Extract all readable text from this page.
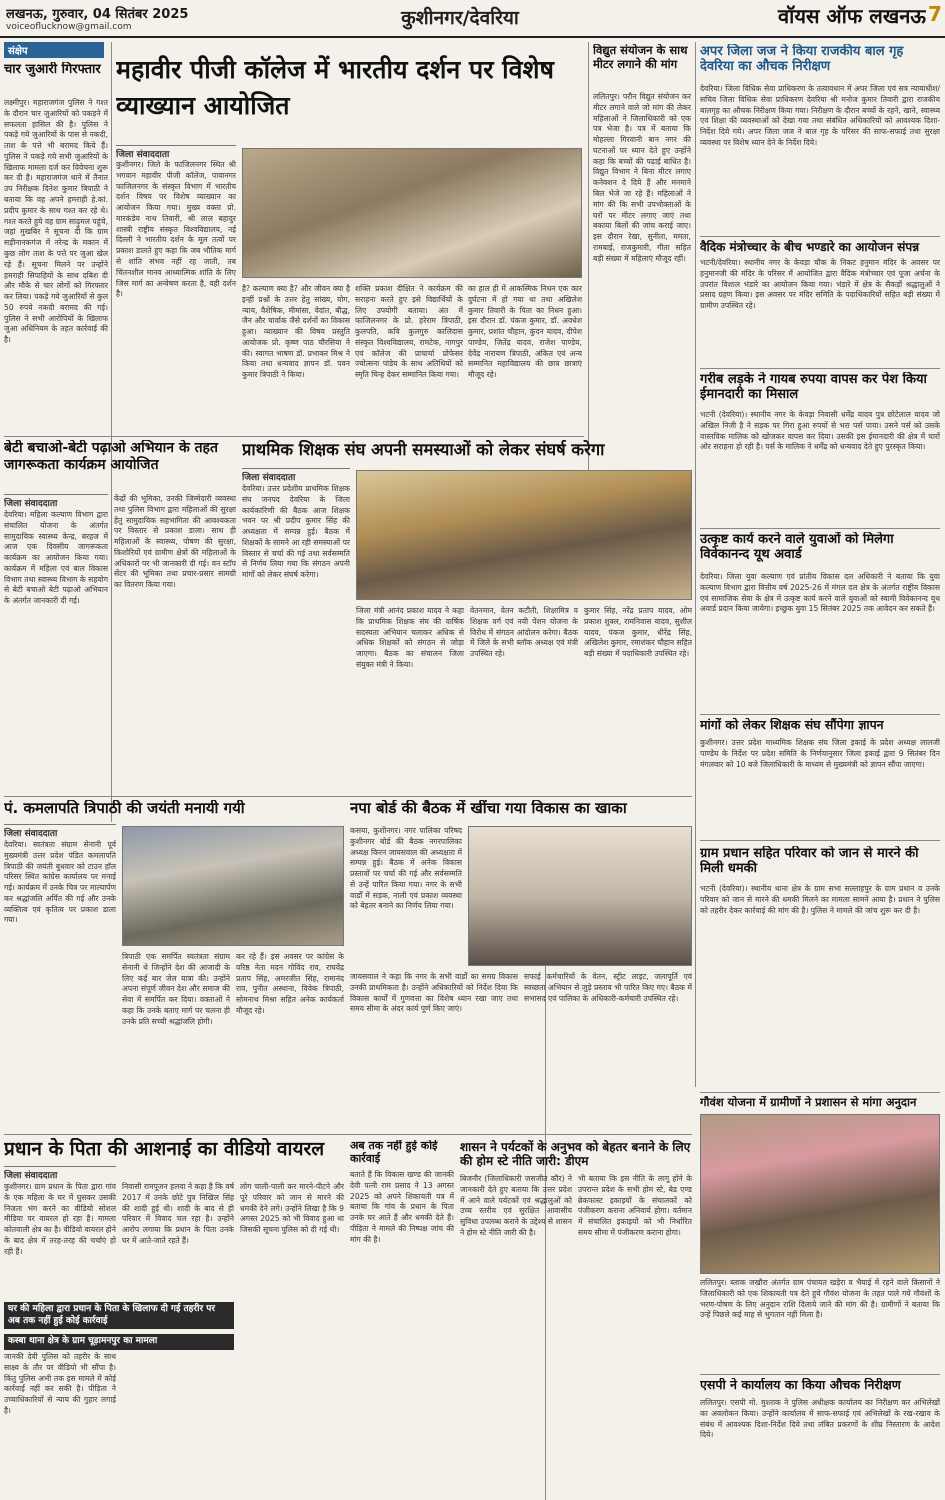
लखनऊ, गुरुवार, 04 सितंबर 2025
voiceoflucknow@gmail.com	कुशीनगर/देवरिया	वॉयस ऑफ लखनऊ 7
संक्षेप
चार जुआरी गिरफ्तार
लक्ष्मीपुर। महाराजगंज पुलिस ने गश्त के दौरान चार जुआरियों को पकड़ने में सफलता हासिल की है। पुलिस ने पकड़े गये जुआरियों के पास से नकदी, ताश के पत्ते भी बरामद किये हैं। पुलिस ने पकड़े गये सभी जुआरियों के खिलाफ मामला दर्ज कर विवेचना शुरू कर दी है। महाराजगंज थाने में तैनात उप निरीक्षक दिनेश कुमार त्रिपाठी ने बताया कि वह अपने हमराही हे.कां. प्रदीप कुमार के साथ गश्त कर रहे थे। गश्त करते हुये वह ग्राम साढ़ुमल पहुंचे, जहां मुखबिर ने सूचना दी कि ग्राम सड़ीनानकगंज में नरेन्द्र के मकान में कुछ लोग ताश के पत्ते पर जुआ खेल रहे हैं। सूचना मिलने पर उन्होंने हमराही सिपाहियों के साथ दबिश दी और मौके से चार लोगों को गिरफ्तार कर लिया। पकड़े गये जुआरियों से कुल 50 रुपये नकदी बरामद की गई। पुलिस ने सभी आरोपियों के खिलाफ जुआ अधिनियम के तहत कार्रवाई की है।
महावीर पीजी कॉलेज में भारतीय दर्शन पर विशेष व्याख्यान आयोजित
जिला संवाददाता
कुशीनगर। जिले के फाजिलनगर स्थित श्री भगवान महावीर पीजी कॉलेज, पावानगर फाजिलनगर के संस्कृत विभाग में भारतीय दर्शन विषय पर विशेष व्याख्यान का आयोजन किया गया। मुख्य वक्ता प्रो. मारकंडेय नाथ तिवारी, श्री लाल बहादुर शास्त्री राष्ट्रीय संस्कृत विश्वविद्यालय, नई दिल्ली ने भारतीय दर्शन के मूल तत्वों पर प्रकाश डालते हुए कहा कि जब भौतिक मार्ग से शांति संभव नहीं रह जाती, तब चिंतनशील मानव आध्यात्मिक शांति के लिए जिस मार्ग का अन्वेषण करता है, वही दर्शन है।
है? कल्याण क्या है? और जीवन क्या है इन्हीं प्रश्नों के उत्तर हेतु सांख्य, योग, न्याय, वैशेषिक, मीमांसा, वेदांत, बौद्ध, जैन और चार्वाक जैसे दर्शनों का विकास हुआ। व्याख्यान की विषय प्रस्तुति आयोजक प्रो. कृष्ण पाठ चौरसिया ने की। स्वागत भाषण डॉ. प्रभाकर मिश्र ने किया तथा धन्यवाद ज्ञापन डॉ. पवन कुमार त्रिपाठी ने किया।
शक्ति प्रकाश दीक्षित ने कार्यक्रम की सराहना करते हुए इसे विद्यार्थियों के लिए उपयोगी बताया। अंत में फाजिलनगर के प्रो. हरेराम त्रिपाठी, कुलपति, कवि कुलगुरु कालिदास संस्कृत विश्वविद्यालय, रामटेक, नागपुर एवं कॉलेज की प्राचार्या प्रोफेसर ज्योत्सना पांडेय के साथ अतिथियों को स्मृति चिन्ह देकर सम्मानित किया गया।
का हाल ही में आकस्मिक निधन एक कार दुर्घटना में हो गया था तथा अखिलेश कुमार तिवारी के पिता का निधन हुआ। इस दौरान डॉ. पंकज कुमार, डॉ. अवधेश कुमार, प्रशांत चौहान, कुंदन यादव, दीपेश पाण्डेय, जितेंद्र यादव, राजेश पाण्डेय, देवेंद्र नारायण त्रिपाठी, अंकित एवं अन्य सम्मानित महाविद्यालय की छात्र छात्राएं मौजूद रहे।
विद्युत संयोजन के साथ मीटर लगाने की मांग
ललितपुर। परौन विद्युत संयोजन कर मीटर लगाने वाले जो मांग की लेकर महिलाओं ने जिलाधिकारी को एक पत्र भेजा है। पत्र में बताया कि मोहल्ला गिरवानी बान नगर की घटनाओं पर ध्यान देते हुए उन्होंने कहा कि बच्चों की पढ़ाई बाधित है। विद्युत विभाग ने बिना मीटर लगाए कनेक्शन दे दिये हैं और मनमाने बिल भेजे जा रहे हैं। महिलाओं ने मांग की कि सभी उपभोक्ताओं के घरों पर मीटर लगाए जाएं तथा बकाया बिलों की जांच कराई जाए। इस दौरान रेखा, सुनीता, ममता, रामबाई, राजकुमारी, गीता सहित बड़ी संख्या में महिलाएं मौजूद रहीं।
अपर जिला जज ने किया राजकीय बाल गृह देवरिया का औचक निरीक्षण
देवरिया। जिला विधिक सेवा प्राधिकरण के तत्वावधान में अपर जिला एवं सत्र न्यायाधीश/सचिव जिला विधिक सेवा प्राधिकरण देवरिया श्री मनोज कुमार तिवारी द्वारा राजकीय बालगृह का औचक निरीक्षण किया गया। निरीक्षण के दौरान बच्चों के रहने, खाने, स्वास्थ्य एवं शिक्षा की व्यवस्थाओं को देखा गया तथा संबंधित अधिकारियों को आवश्यक दिशा-निर्देश दिये गये। अपर जिला जज ने बाल गृह के परिसर की साफ-सफाई तथा सुरक्षा व्यवस्था पर विशेष ध्यान देने के निर्देश दिये।
वैदिक मंत्रोच्चार के बीच भण्डारे का आयोजन संपन्न
भटनी/देवरिया। स्थानीय नगर के केवड़ा चौक के निकट हनुमान मंदिर के अवसर पर हनुमानजी की मंदिर के परिसर में आयोजित द्वारा वैदिक मंत्रोच्चार एवं पूजा अर्चना के उपरांत विशाल भंडारे का आयोजन किया गया। भंडारे में क्षेत्र के सैकड़ों श्रद्धालुओं ने प्रसाद ग्रहण किया। इस अवसर पर मंदिर समिति के पदाधिकारियों सहित बड़ी संख्या में ग्रामीण उपस्थित रहे।
गरीब लड़के ने गायब रुपया वापस कर पेश किया ईमानदारी का मिसाल
भटनी (देवरिया)। स्थानीय नगर के केवड़ा निवासी धर्मेंद्र यादव पुत्र छोटेलाल यादव जो अखिल निजी है ने सड़क पर गिरा हुआ रुपयों से भरा पर्स पाया। उसने पर्स को उसके वास्तविक मालिक को खोजकर वापस कर दिया। उसकी इस ईमानदारी की क्षेत्र में चारों ओर सराहना हो रही है। पर्स के मालिक ने धर्मेंद्र को धन्यवाद देते हुए पुरस्कृत किया।
उत्कृष्ट कार्य करने वाले युवाओं को मिलेगा विवेकानन्द यूथ अवार्ड
देवरिया। जिला युवा कल्याण एवं प्रांतीय विकास दल अधिकारी ने बताया कि युवा कल्याण विभाग द्वारा वित्तीय वर्ष 2025-26 में मंगल दल क्षेत्र के अंतर्गत राष्ट्रीय विकास एवं सामाजिक सेवा के क्षेत्र में उत्कृष्ट कार्य करने वाले युवाओं को स्वामी विवेकानन्द यूथ अवार्ड प्रदान किया जायेगा। इच्छुक युवा 15 सितंबर 2025 तक आवेदन कर सकते हैं।
मांगों को लेकर शिक्षक संघ सौंपेगा ज्ञापन
कुशीनगर। उत्तर प्रदेश माध्यमिक शिक्षक संघ जिला इकाई के प्रदेश अध्यक्ष लालजी पाण्डेय के निर्देश पर प्रदेश समिति के निर्णयानुसार जिला इकाई द्वारा 9 सितंबर दिन मंगलवार को 10 बजे जिलाधिकारी के माध्यम से मुख्यमंत्री को ज्ञापन सौंपा जाएगा।
ग्राम प्रधान सहित परिवार को जान से मारने की मिली धमकी
भटनी (देवरिया)। स्थानीय थाना क्षेत्र के ग्राम सभा सल्लाहपुर के ग्राम प्रधान व उनके परिवार को जान से मारने की धमकी मिलने का मामला सामने आया है। प्रधान ने पुलिस को तहरीर देकर कार्रवाई की मांग की है। पुलिस ने मामले की जांच शुरू कर दी है।
बेटी बचाओ-बेटी पढ़ाओ अभियान के तहत जागरूकता कार्यक्रम आयोजित
जिला संवाददाता
देवरिया। महिला कल्याण विभाग द्वारा संचालित योजना के अंतर्गत सामुदायिक स्वास्थ्य केन्द्र, बरहज में आज एक दिवसीय जागरूकता कार्यक्रम का आयोजन किया गया। कार्यक्रम में महिला एवं बाल विकास विभाग तथा स्वास्थ्य विभाग के सहयोग से बेटी बचाओ बेटी पढ़ाओ अभियान के अंतर्गत जानकारी दी गई।
केंद्रों की भूमिका, उनकी जिम्मेदारी व्यवस्था तथा पुलिस विभाग द्वारा महिलाओं की सुरक्षा हेतु सामुदायिक सहभागिता की आवश्यकता पर विस्तार से प्रकाश डाला। साथ ही महिलाओं के स्वास्थ्य, पोषण की सुरक्षा, किशोरियों एवं ग्रामीण क्षेत्रों की महिलाओं के अधिकारों पर भी जानकारी दी गई। वन स्टॉप सेंटर की भूमिका तथा प्रचार-प्रसार सामग्री का वितरण किया गया।
प्राथमिक शिक्षक संघ अपनी समस्याओं को लेकर संघर्ष करेगा
जिला संवाददाता
देवरिया। उत्तर प्रदेशीय प्राथमिक शिक्षक संघ जनपद देवरिया के जिला कार्यकारिणी की बैठक आज शिक्षक भवन पर श्री प्रदीप कुमार सिंह की अध्यक्षता में सम्पन्न हुई। बैठक में शिक्षकों के सामने आ रही समस्याओं पर विस्तार से चर्चा की गई तथा सर्वसम्मति से निर्णय लिया गया कि संगठन अपनी मांगों को लेकर संघर्ष करेगा।
जिला मंत्री आनंद प्रकाश यादव ने कहा कि प्राथमिक शिक्षक संघ की वार्षिक सदस्यता अभियान चलाकर अधिक से अधिक शिक्षकों को संगठन से जोड़ा जाएगा। बैठक का संचालन जिला संयुक्त मंत्री ने किया।
वेतनमान, वेतन कटौती, शिक्षामित्र व शिक्षक वर्ग एवं नयी पेंशन योजना के विरोध में संगठन आंदोलन करेगा। बैठक में जिले के सभी ब्लॉक अध्यक्ष एवं मंत्री उपस्थित रहे।
कुमार सिंह, नरेंद्र प्रताप यादव, ओम प्रकाश शुक्ल, रामनिवास यादव, सुशील यादव, पंकज कुमार, धीरेंद्र सिंह, अखिलेश कुमार, रमाशंकर चौहान सहित बड़ी संख्या में पदाधिकारी उपस्थित रहे।
पं. कमलापति त्रिपाठी की जयंती मनायी गयी
जिला संवाददाता
देवरिया। स्वतंत्रता संग्राम सेनानी पूर्व मुख्यमंत्री उत्तर प्रदेश पंडित कमलापति त्रिपाठी की जयंती बुधवार को टाउन हॉल परिसर स्थित कांग्रेस कार्यालय पर मनाई गई। कार्यक्रम में उनके चित्र पर माल्यार्पण कर श्रद्धांजलि अर्पित की गई और उनके व्यक्तित्व एवं कृतित्व पर प्रकाश डाला गया।
त्रिपाठी एक समर्पित स्वतंत्रता संग्राम सेनानी थे जिन्होंने देश की आजादी के लिए कई बार जेल यात्रा की। उन्होंने अपना संपूर्ण जीवन देश और समाज की सेवा में समर्पित कर दिया। वक्ताओं ने कहा कि उनके बताए मार्ग पर चलना ही उनके प्रति सच्ची श्रद्धांजलि होगी।
कर रहे हैं। इस अवसर पर कांग्रेस के वरिष्ठ नेता मदन गोविंद राव, राघवेंद्र प्रताप सिंह, अमरजीत सिंह, रामानंद राव, पुनीत अस्थाना, विवेक त्रिपाठी, सोमनाथ मिश्रा सहित अनेक कार्यकर्ता मौजूद रहे।
नपा बोर्ड की बैठक में खींचा गया विकास का खाका
कसया, कुशीनगर। नगर पालिका परिषद कुशीनगर बोर्ड की बैठक नगरपालिका अध्यक्ष किरन जायसवाल की अध्यक्षता में सम्पन्न हुई। बैठक में अनेक विकास प्रस्तावों पर चर्चा की गई और सर्वसम्मति से उन्हें पारित किया गया। नगर के सभी वार्डों में सड़क, नाली एवं प्रकाश व्यवस्था को बेहतर बनाने का निर्णय लिया गया।
जायसवाल ने कहा कि नगर के सभी वार्डों का समग्र विकास उनकी प्राथमिकता है। उन्होंने अधिकारियों को निर्देश दिया कि विकास कार्यों में गुणवत्ता का विशेष ध्यान रखा जाए तथा समय सीमा के अंदर कार्य पूर्ण किए जाएं।
सफाई कर्मचारियों के वेतन, स्ट्रीट लाइट, जलापूर्ति एवं स्वच्छता अभियान से जुड़े प्रस्ताव भी पारित किए गए। बैठक में सभासद एवं पालिका के अधिकारी-कर्मचारी उपस्थित रहे।
प्रधान के पिता की आशनाई का वीडियो वायरल
जिला संवाददाता
कुशीनगर। ग्राम प्रधान के पिता द्वारा गांव के एक महिला के घर में घुसकर उसकी निजता भंग करने का वीडियो सोशल मीडिया पर वायरल हो रहा है। मामला कोतवाली क्षेत्र का है। वीडियो वायरल होने के बाद क्षेत्र में तरह-तरह की चर्चाएं हो रही हैं।
घर की महिला द्वारा प्रधान के पिता के खिलाफ दी गई तहरीर पर अब तक नहीं हुई कोई कार्रवाई
कस्बा थाना क्षेत्र के ग्राम चूड़ामनपुर का मामला
जानकी देवी पुलिस को तहरीर के साथ साक्ष्य के तौर पर वीडियो भी सौंपा है। किंतु पुलिस अभी तक इस मामले में कोई कार्रवाई नहीं कर सकी है। पीड़िता ने उच्चाधिकारियों से न्याय की गुहार लगाई है।
निवासी रामपूजन हलवा ने कहा है कि वर्ष 2017 में उनके छोटे पुत्र निखिल सिंह की शादी हुई थी। शादी के बाद से ही परिवार में विवाद चल रहा है। उन्होंने आरोप लगाया कि प्रधान के पिता उनके घर में आते-जाते रहते हैं।
लोग चाली-पाली कर मारने-पीटने और पूरे परिवार को जान से मारने की धमकी देने लगे। उन्होंने लिखा है कि 9 अगस्त 2025 को भी विवाद हुआ था जिसकी सूचना पुलिस को दी गई थी।
अब तक नहीं हुई कोई कार्रवाई
बताते हैं कि विकास खण्ड की जानकी देवी पत्नी राम प्रसाद ने 13 अगस्त 2025 को अपने शिकायती पत्र में बताया कि गांव के प्रधान के पिता उनके घर आते हैं और धमकी देते हैं। पीड़िता ने मामले की निष्पक्ष जांच की मांग की है।
शासन ने पर्यटकों के अनुभव को बेहतर बनाने के लिए की होम स्टे नीति जारी: डीएम
बिजनौर (जिलाधिकारी जसजीत कौर) ने जानकारी देते हुए बताया कि उत्तर प्रदेश में आने वाले पर्यटकों एवं श्रद्धालुओं को उच्च स्तरीय एवं सुरक्षित आवासीय सुविधा उपलब्ध कराने के उद्देश्य से शासन ने होम स्टे नीति जारी की है।
भी बताया कि इस नीति के लागू होने के उपरान्त प्रदेश के सभी होम स्टे, बेड एण्ड ब्रेकफास्ट इकाइयों के संचालकों को पंजीकरण कराना अनिवार्य होगा। वर्तमान में संचालित इकाइयों को भी निर्धारित समय सीमा में पंजीकरण कराना होगा।
गौवंश योजना में ग्रामीणों ने प्रशासन से मांगा अनुदान
ललितपुर। ब्लाक जखौरा अंतर्गत ग्राम पंचायत खड़ेरा व भैयाई में रहने वाले किसानों ने जिलाधिकारी को एक शिकायती पत्र देते हुये गौवंश योजना के तहत पाले गये गौवंशों के भरण-पोषण के लिए अनुदान राशि दिलाये जाने की मांग की है। ग्रामीणों ने बताया कि उन्हें पिछले कई माह से भुगतान नहीं मिला है।
एसपी ने कार्यालय का किया औचक निरीक्षण
ललितपुर। एसपी मो. मुश्ताक ने पुलिस अधीक्षक कार्यालय का निरीक्षण कर अभिलेखों का अवलोकन किया। उन्होंने कार्यालय में साफ-सफाई एवं अभिलेखों के रख-रखाव के संबंध में आवश्यक दिशा-निर्देश दिये तथा लंबित प्रकरणों के शीघ्र निस्तारण के आदेश दिये।
